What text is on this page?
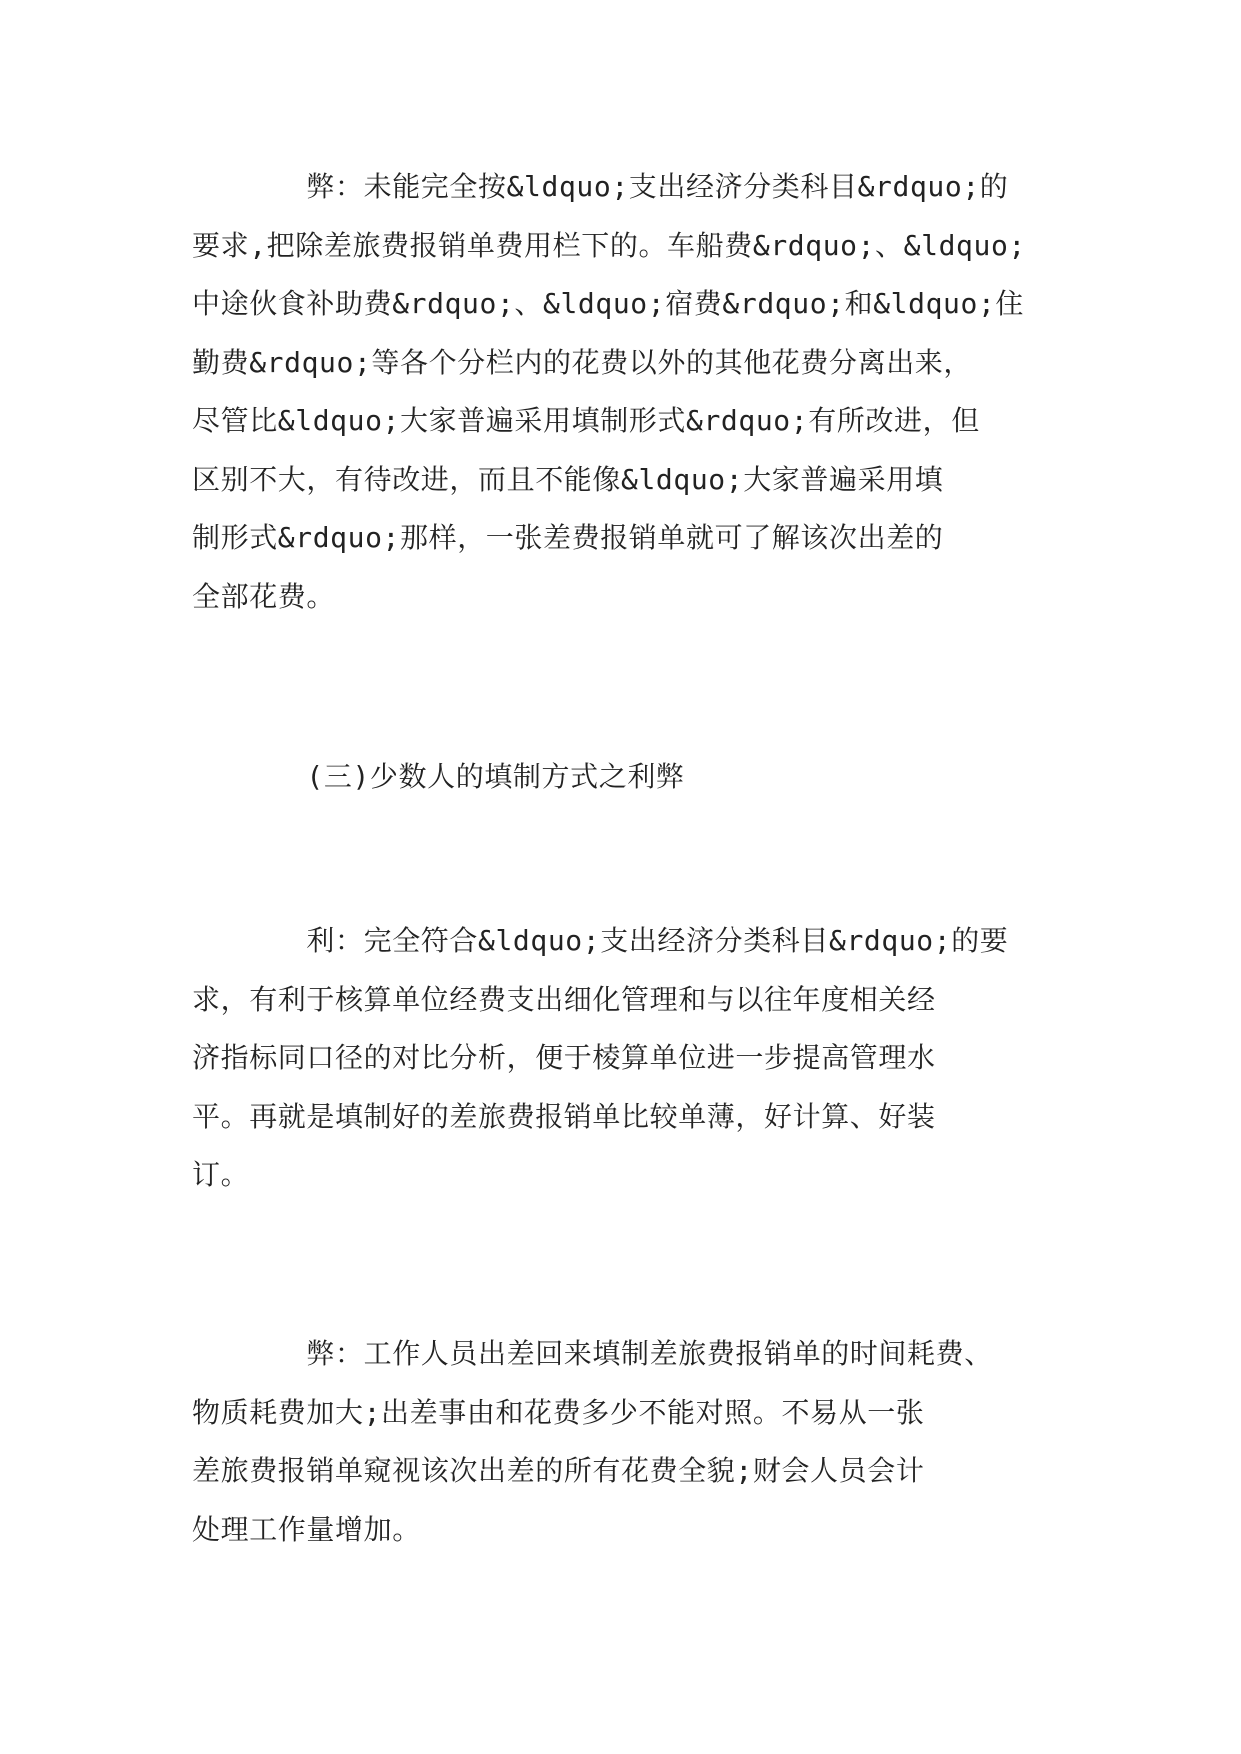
　　　　弊：未能完全按&ldquo;支出经济分类科目&rdquo;的
要求,把除差旅费报销单费用栏下的。车船费&rdquo;、&ldquo;
中途伙食补助费&rdquo;、&ldquo;宿费&rdquo;和&ldquo;住
勤费&rdquo;等各个分栏内的花费以外的其他花费分离出来，
尽管比&ldquo;大家普遍采用填制形式&rdquo;有所改进，但
区别不大，有待改进，而且不能像&ldquo;大家普遍采用填
制形式&rdquo;那样，一张差费报销单就可了解该次出差的
全部花费。
　　　　(三)少数人的填制方式之利弊
　　　　利：完全符合&ldquo;支出经济分类科目&rdquo;的要
求，有利于核算单位经费支出细化管理和与以往年度相关经
济指标同口径的对比分析，便于棱算单位进一步提高管理水
平。再就是填制好的差旅费报销单比较单薄，好计算、好装
订。
　　　　弊：工作人员出差回来填制差旅费报销单的时间耗费、
物质耗费加大;出差事由和花费多少不能对照。不易从一张
差旅费报销单窥视该次出差的所有花费全貌;财会人员会计
处理工作量增加。
